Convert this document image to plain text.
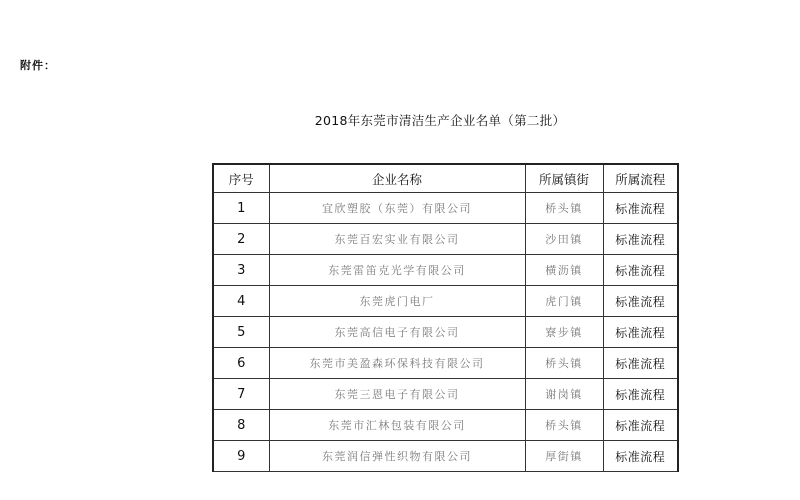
附件：
2018年东莞市清洁生产企业名单（第二批）
序号	企业名称	所属镇街	所属流程
1	宜欣塑胶（东莞）有限公司	桥头镇	标准流程
2	东莞百宏实业有限公司	沙田镇	标准流程
3	东莞雷笛克光学有限公司	横沥镇	标准流程
4	东莞虎门电厂	虎门镇	标准流程
5	东莞高信电子有限公司	寮步镇	标准流程
6	东莞市美盈森环保科技有限公司	桥头镇	标准流程
7	东莞三恩电子有限公司	谢岗镇	标准流程
8	东莞市汇林包装有限公司	桥头镇	标准流程
9	东莞润信弹性织物有限公司	厚街镇	标准流程
